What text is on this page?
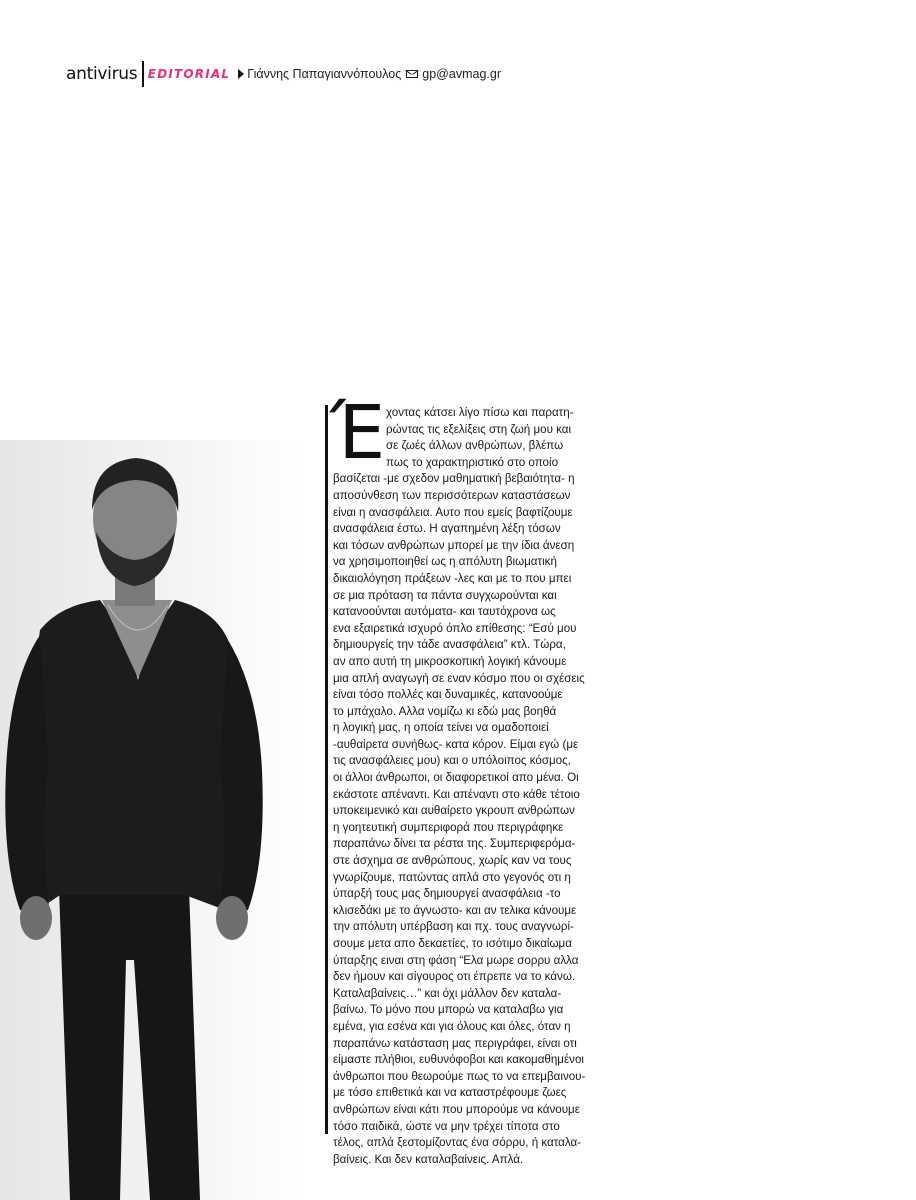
antivirus EDITORIAL Γιάννης Παπαγιαννόπουλος gp@avmag.gr
Έ χοντας κάτσει λίγο πίσω και παρατη-
ρώντας τις εξελίξεις στη ζωή μου και
σε ζωές άλλων ανθρώπων, βλέπω
πως το χαρακτηριστικό στο οποίο
βασίζεται -με σχεδον μαθηματική βεβαιότητα- η
αποσύνθεση των περισσότερων καταστάσεων
είναι η ανασφάλεια. Αυτο που εμείς βαφτίζουμε
ανασφάλεια έστω. Η αγαπημένη λέξη τόσων
και τόσων ανθρώπων μπορεί με την ίδια άνεση
να χρησιμοποιηθεί ως η απόλυτη βιωματική
δικαιολόγηση πράξεων -λες και με το που μπει
σε μια πρόταση τα πάντα συγχωρούνται και
κατανοούνται αυτόματα- και ταυτόχρονα ως
ενα εξαιρετικά ισχυρό όπλο επίθεσης: “Εσύ μου
δημιουργείς την τάδε ανασφάλεια” κτλ. Τώρα,
αν απο αυτή τη μικροσκοπική λογική κάνουμε
μια απλή αναγωγή σε εναν κόσμο που οι σχέσεις
είναι τόσο πολλές και δυναμικές, κατανοούμε
το μπάχαλο. Αλλα νομίζω κι εδώ μας βοηθά
η λογική μας, η οποία τείνει να ομαδοποιεί
-αυθαίρετα συνήθως- κατα κόρον. Είμαι εγώ (με
τις ανασφάλειες μου) και ο υπόλοιπος κόσμος,
οι άλλοι άνθρωποι, οι διαφορετικοί απο μένα. Οι
εκάστοτε απέναντι. Και απέναντι στο κάθε τέτοιο
υποκειμενικό και αυθαίρετο γκρουπ ανθρώπων
η γοητευτική συμπεριφορά που περιγράφηκε
παραπάνω δίνει τα ρέστα της. Συμπεριφερόμα-
στε άσχημα σε ανθρώπους, χωρίς καν να τους
γνωρίζουμε, πατώντας απλά στο γεγονός οτι η
ύπαρξή τους μας δημιουργεί ανασφάλεια -το
κλισεδάκι με το άγνωστο- και αν τελικα κάνουμε
την απόλυτη υπέρβαση και πχ. τους αναγνωρί-
σουμε μετα απο δεκαετίες, το ισότιμο δικαίωμα
ύπαρξης ειναι στη φάση “Ελα μωρε σορρυ αλλα
δεν ήμουν και σίγουρος οτι έπρεπε να το κάνω.
Καταλαβαίνεις…” και όχι μάλλον δεν καταλα-
βαίνω. Το μόνο που μπορώ να καταλαβω για
εμένα, για εσένα και για όλους και όλες, όταν η
παραπάνω κατάσταση μας περιγράφει, είναι οτι
είμαστε πλήθιοι, ευθυνόφοβοι και κακομαθημένοι
άνθρωποι που θεωρούμε πως το να επεμβαινου-
με τόσο επιθετικά και να καταστρέφουμε ζωες
ανθρώπων είναι κάτι που μπορούμε να κάνουμε
τόσο παιδικά, ώστε να μην τρέχει τίποτα στο
τέλος, απλά ξεστομίζοντας ένα σόρρυ, ή καταλα-
βαίνεις. Και δεν καταλαβαίνεις. Απλά.
